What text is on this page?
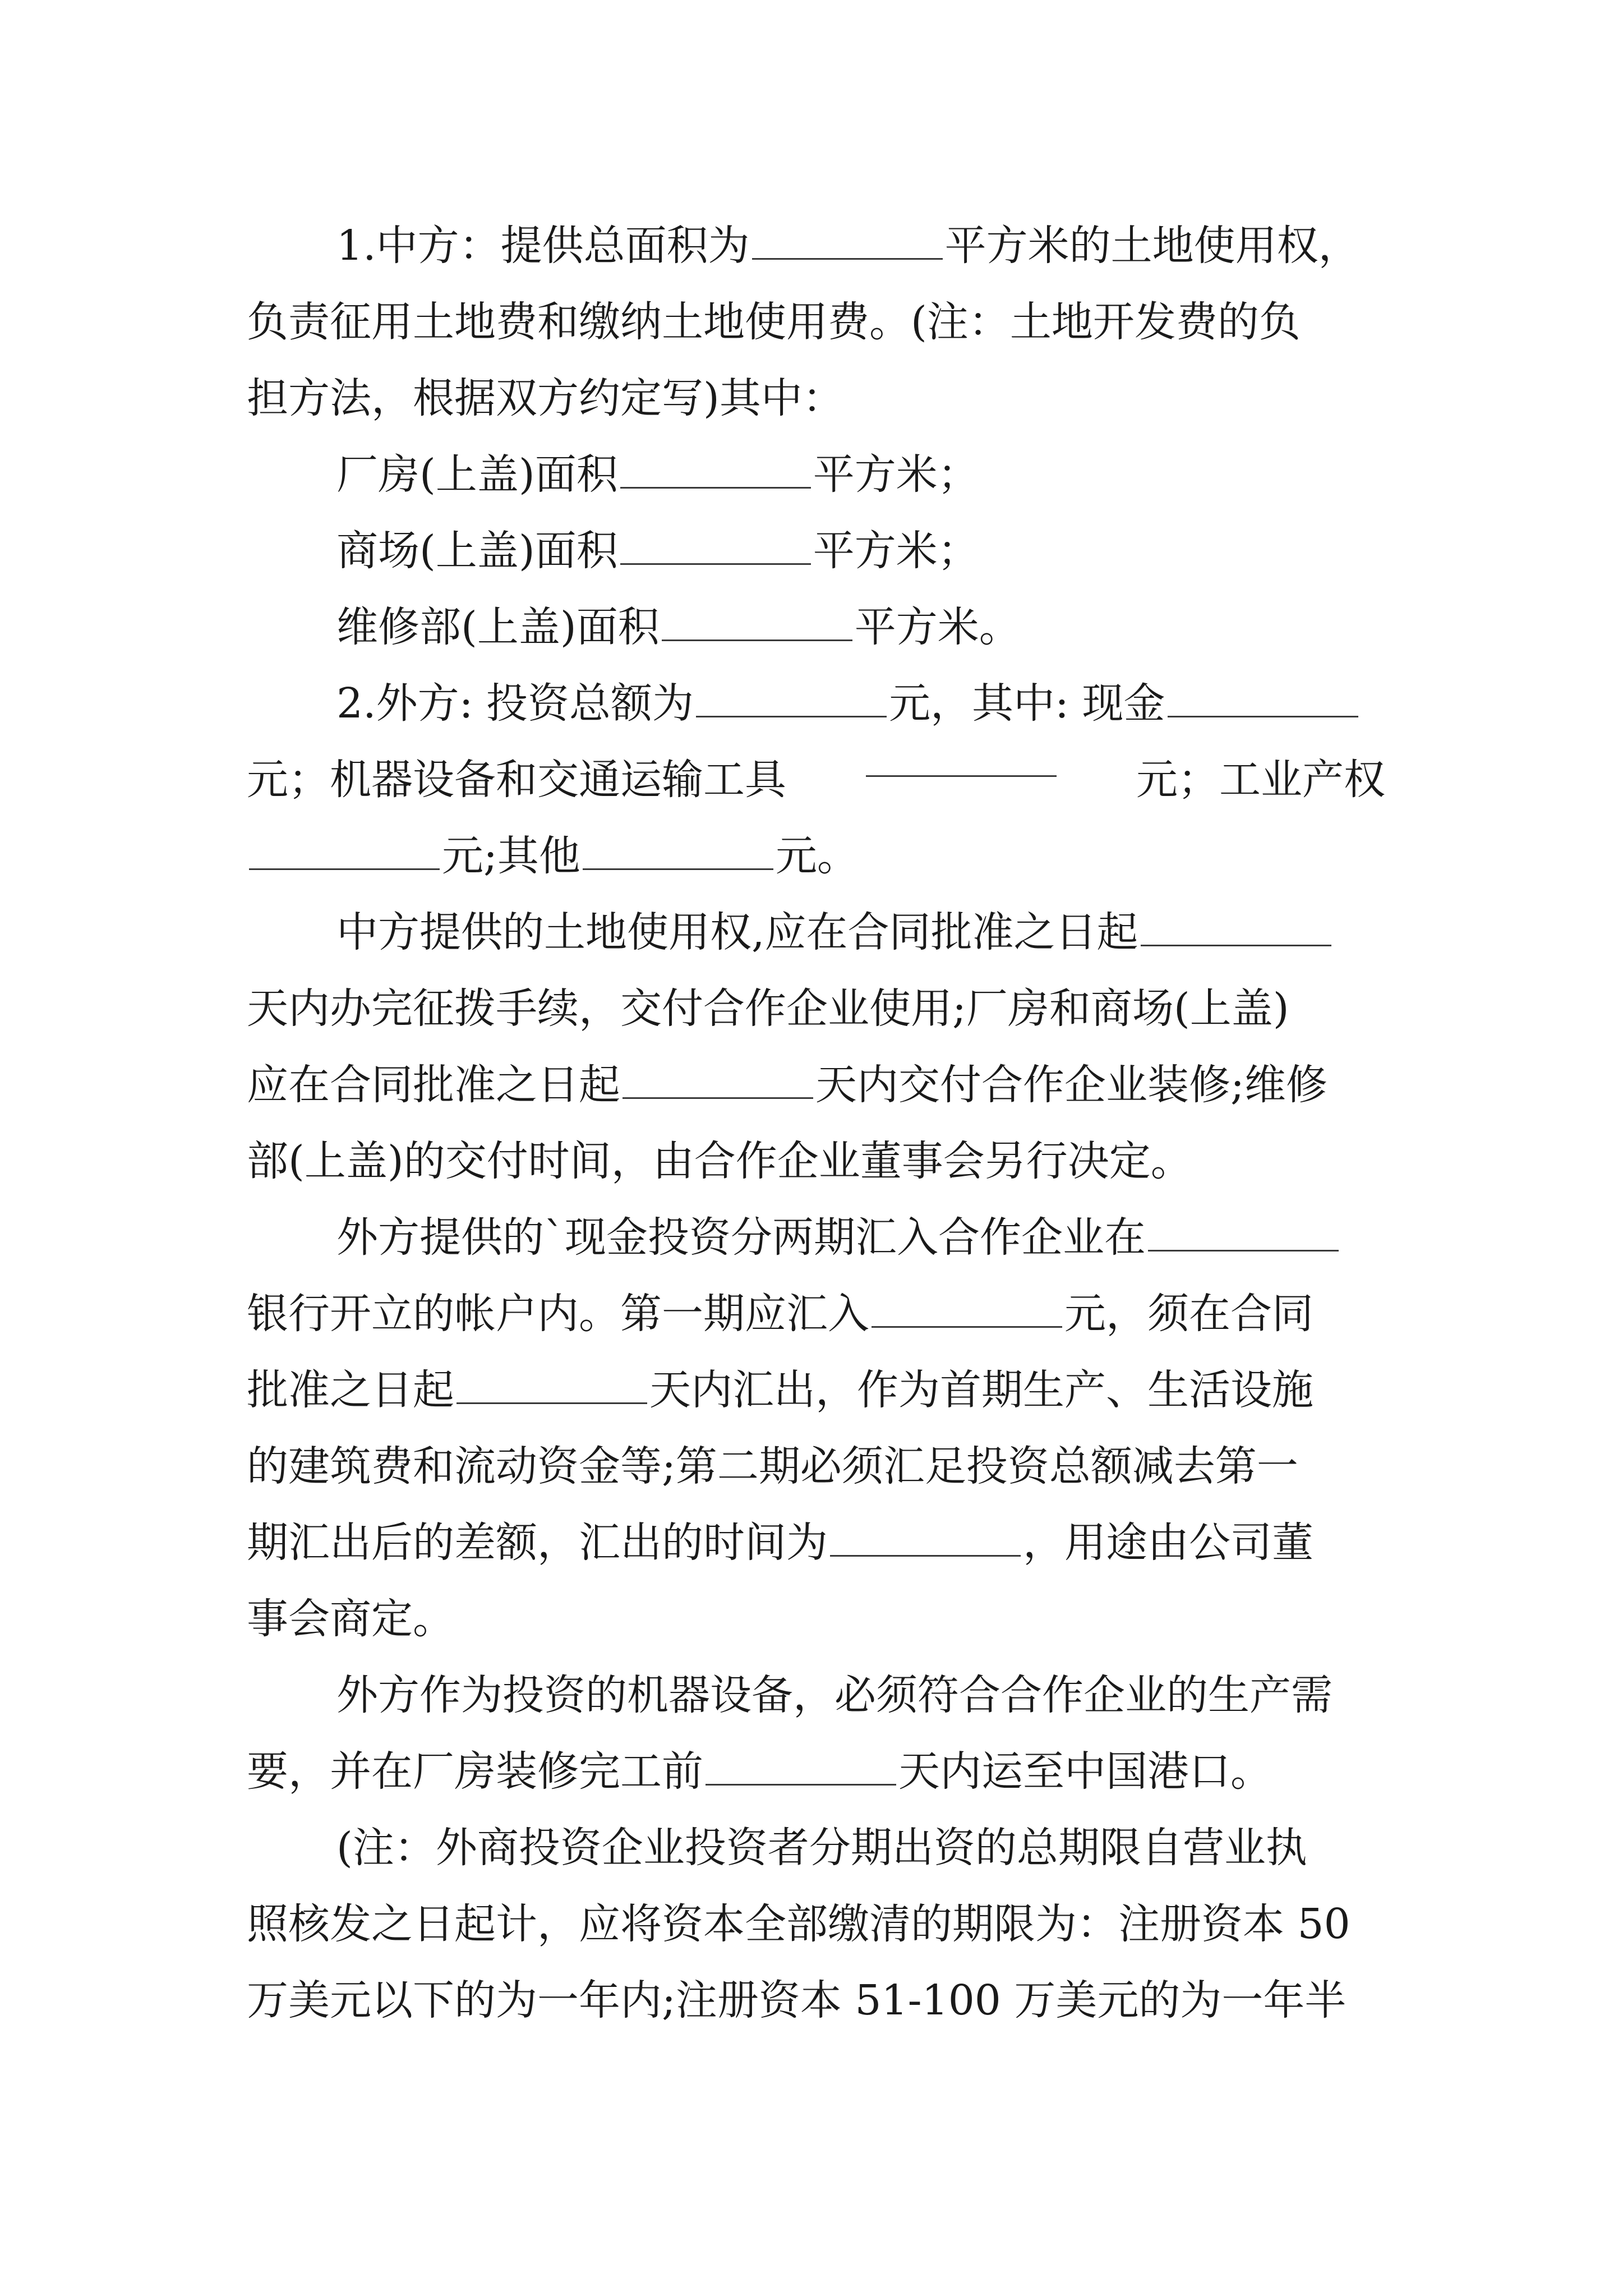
1.中方：提供总面积为	平方米的土地使用权，
负责征用土地费和缴纳土地使用费。(注：土地开发费的负
担方法，根据双方约定写)其中：
厂房(上盖)面积	平方米；
商场(上盖)面积	平方米；
维修部(上盖)面积	平方米。
2.外方: 投资总额为	元，其中: 现金
元；机器设备和交通运输工具	元；工业产权
元;其他	元。
中方提供的土地使用权,应在合同批准之日起
天内办完征拨手续，交付合作企业使用;厂房和商场(上盖)
应在合同批准之日起	天内交付合作企业装修;维修
部(上盖)的交付时间，由合作企业董事会另行决定。
外方提供的`现金投资分两期汇入合作企业在
银行开立的帐户内。第一期应汇入	元，须在合同
批准之日起	天内汇出，作为首期生产、生活设施
的建筑费和流动资金等;第二期必须汇足投资总额减去第一
期汇出后的差额，汇出的时间为	，用途由公司董
事会商定。
外方作为投资的机器设备，必须符合合作企业的生产需
要，并在厂房装修完工前	天内运至中国港口。
(注：外商投资企业投资者分期出资的总期限自营业执
照核发之日起计，应将资本全部缴清的期限为：注册资本 50
万美元以下的为一年内;注册资本 51-100 万美元的为一年半
